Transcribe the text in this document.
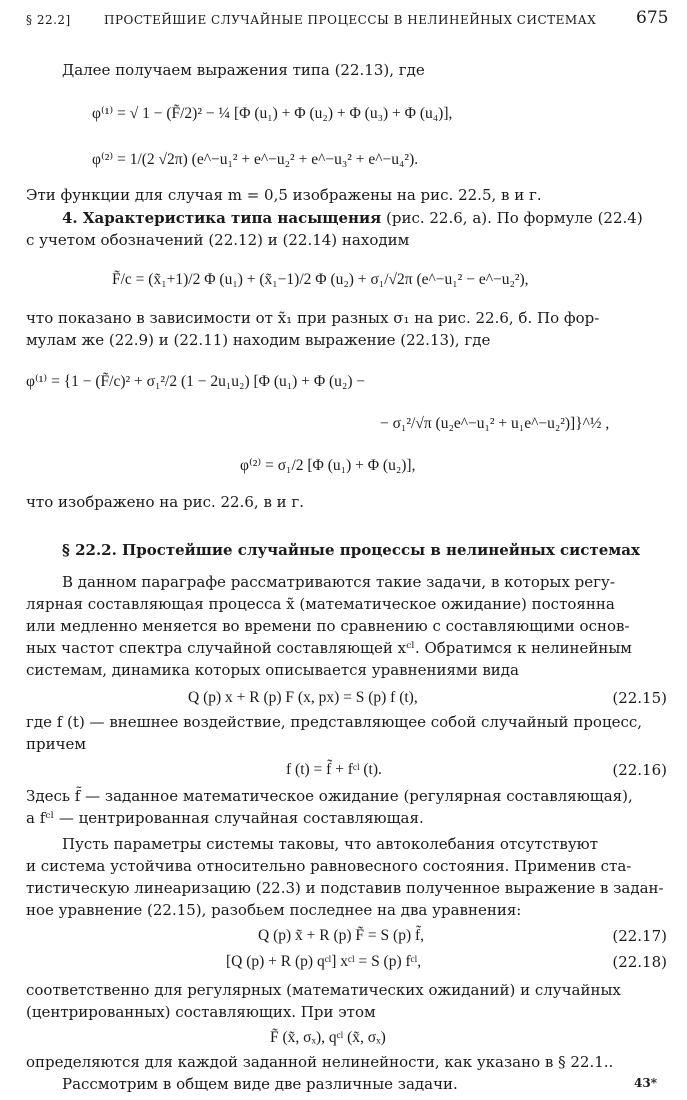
§ 22.2]	ПРОСТЕЙШИЕ СЛУЧАЙНЫЕ ПРОЦЕССЫ В НЕЛИНЕЙНЫХ СИСТЕМАХ 675
Далее получаем выражения типа (22.13), где
φ⁽¹⁾ = √ 1 − (F̃/2)² − ¼ [Φ (u₁) + Φ (u₂) + Φ (u₃) + Φ (u₄)],
φ⁽²⁾ = 1/(2 √2π) (e^−u₁² + e^−u₂² + e^−u₃² + e^−u₄²).
Эти функции для случая m = 0,5 изображены на рис. 22.5, в и г.
4. Характеристика типа насыщения (рис. 22.6, а). По формуле (22.4)
с учетом обозначений (22.12) и (22.14) находим
F̃/c = (x̃₁+1)/2 Φ (u₁) + (x̃₁−1)/2 Φ (u₂) + σ₁/√2π (e^−u₁² − e^−u₂²),
что показано в зависимости от x̃₁ при разных σ₁ на рис. 22.6, б. По фор-
мулам же (22.9) и (22.11) находим выражение (22.13), где
φ⁽¹⁾ = {1 − (F̃/c)² + σ₁²/2 (1 − 2u₁u₂) [Φ (u₁) + Φ (u₂) −
− σ₁²/√π (u₂e^−u₁² + u₁e^−u₂²)]}^½ ,
φ⁽²⁾ = σ₁/2 [Φ (u₁) + Φ (u₂)],
что изображено на рис. 22.6, в и г.
§ 22.2. Простейшие случайные процессы в нелинейных системах
В данном параграфе рассматриваются такие задачи, в которых регу-
лярная составляющая процесса x̃ (математическое ожидание) постоянна
или медленно меняется во времени по сравнению с составляющими основ-
ных частот спектра случайной составляющей xᶜˡ. Обратимся к нелинейным
системам, динамика которых описывается уравнениями вида
Q (p) x + R (p) F (x, px) = S (p) f (t),	(22.15)
где f (t) — внешнее воздействие, представляющее собой случайный процесс,
причем
f (t) = f̃ + fᶜˡ (t).	(22.16)
Здесь f̃ — заданное математическое ожидание (регулярная составляющая),
а fᶜˡ — центрированная случайная составляющая.
Пусть параметры системы таковы, что автоколебания отсутствуют
и система устойчива относительно равновесного состояния. Применив ста-
тистическую линеаризацию (22.3) и подставив полученное выражение в задан-
ное уравнение (22.15), разобьем последнее на два уравнения:
Q (p) x̃ + R (p) F̃ = S (p) f̃,	(22.17)
[Q (p) + R (p) qᶜˡ] xᶜˡ = S (p) fᶜˡ,	(22.18)
соответственно для регулярных (математических ожиданий) и случайных
(центрированных) составляющих. При этом
F̃ (x̃, σₓ), qᶜˡ (x̃, σₓ)
определяются для каждой заданной нелинейности, как указано в § 22.1..
Рассмотрим в общем виде две различные задачи.	43*
